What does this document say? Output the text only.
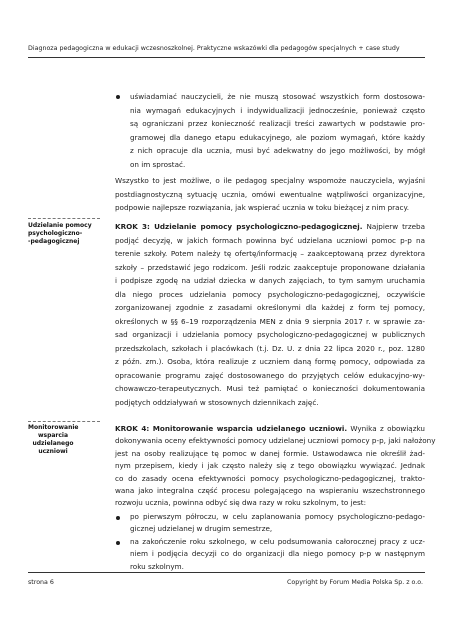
Diagnoza pedagogiczna w edukacji wczesnoszkolnej. Praktyczne wskazówki dla pedagogów specjalnych + case study
uświadamiać nauczycieli, że nie muszą stosować wszystkich form dostosowa-
nia wymagań edukacyjnych i indywidualizacji jednocześnie, ponieważ często
są ograniczani przez konieczność realizacji treści zawartych w podstawie pro-
gramowej dla danego etapu edukacyjnego, ale poziom wymagań, które każdy
z nich opracuje dla ucznia, musi być adekwatny do jego możliwości, by mógł
on im sprostać.
Wszystko to jest możliwe, o ile pedagog specjalny wspomoże nauczyciela, wyjaśni
postdiagnostyczną sytuację ucznia, omówi ewentualne wątpliwości organizacyjne,
podpowie najlepsze rozwiązania, jak wspierać ucznia w toku bieżącej z nim pracy.
Udzielanie pomocy
psychologiczno-
-pedagogicznej
KROK 3: Udzielanie pomocy psychologiczno-pedagogicznej. Najpierw trzeba
podjąć decyzję, w jakich formach powinna być udzielana uczniowi pomoc p-p na
terenie szkoły. Potem należy tę ofertę/informację – zaakceptowaną przez dyrektora
szkoły – przedstawić jego rodzicom. Jeśli rodzic zaakceptuje proponowane działania
i podpisze zgodę na udział dziecka w danych zajęciach, to tym samym uruchamia
dla niego proces udzielania pomocy psychologiczno-pedagogicznej, oczywiście
zorganizowanej zgodnie z zasadami określonymi dla każdej z form tej pomocy,
określonych w §§ 6–19 rozporządzenia MEN z dnia 9 sierpnia 2017 r. w sprawie za-
sad organizacji i udzielania pomocy psychologiczno-pedagogicznej w publicznych
przedszkolach, szkołach i placówkach (t.j. Dz. U. z dnia 22 lipca 2020 r., poz. 1280
z późn. zm.). Osoba, która realizuje z uczniem daną formę pomocy, odpowiada za
opracowanie programu zajęć dostosowanego do przyjętych celów edukacyjno-wy-
chowawczo-terapeutycznych. Musi też pamiętać o konieczności dokumentowania
podjętych oddziaływań w stosownych dziennikach zajęć.
Monitorowanie
wsparcia
udzielanego
uczniowi
KROK 4: Monitorowanie wsparcia udzielanego uczniowi. Wynika z obowiązku
dokonywania oceny efektywności pomocy udzielanej uczniowi pomocy p-p, jaki nałożony
jest na osoby realizujące tę pomoc w danej formie. Ustawodawca nie określił żad-
nym przepisem, kiedy i jak często należy się z tego obowiązku wywiązać. Jednak
co do zasady ocena efektywności pomocy psychologiczno-pedagogicznej, trakto-
wana jako integralna część procesu polegającego na wspieraniu wszechstronnego
rozwoju ucznia, powinna odbyć się dwa razy w roku szkolnym, to jest:
po pierwszym półroczu, w celu zaplanowania pomocy psychologiczno-pedago-
gicznej udzielanej w drugim semestrze,
na zakończenie roku szkolnego, w celu podsumowania całorocznej pracy z ucz-
niem i podjęcia decyzji co do organizacji dla niego pomocy p-p w następnym
roku szkolnym.
strona 6	Copyright by Forum Media Polska Sp. z o.o.
